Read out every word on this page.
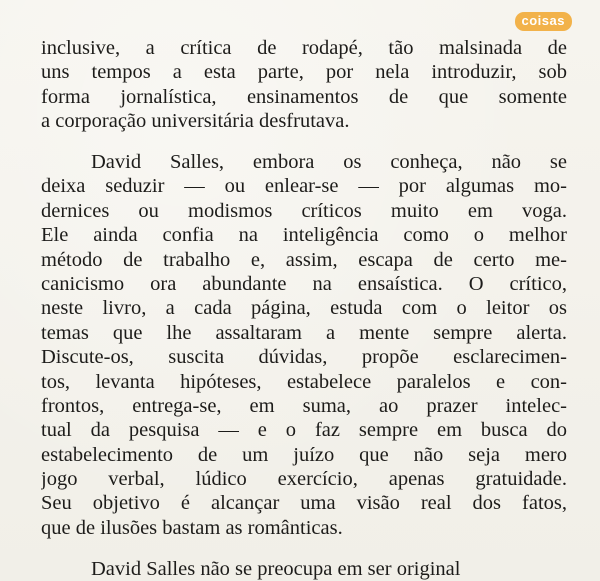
coisas

inclusive, a crítica de rodapé, tão malsinada de
uns tempos a esta parte, por nela introduzir, sob
forma jornalística, ensinamentos de que somente
a corporação universitária desfrutava.

David Salles, embora os conheça, não se
deixa seduzir — ou enlear-se — por algumas mo-
dernices ou modismos críticos muito em voga.
Ele ainda confia na inteligência como o melhor
método de trabalho e, assim, escapa de certo me-
canicismo ora abundante na ensaística. O crítico,
neste livro, a cada página, estuda com o leitor os
temas que lhe assaltaram a mente sempre alerta.
Discute-os, suscita dúvidas, propõe esclarecimen-
tos, levanta hipóteses, estabelece paralelos e con-
frontos, entrega-se, em suma, ao prazer intelec-
tual da pesquisa — e o faz sempre em busca do
estabelecimento de um juízo que não seja mero
jogo verbal, lúdico exercício, apenas gratuidade.
Seu objetivo é alcançar uma visão real dos fatos,
que de ilusões bastam as românticas.

David Salles não se preocupa em ser original
